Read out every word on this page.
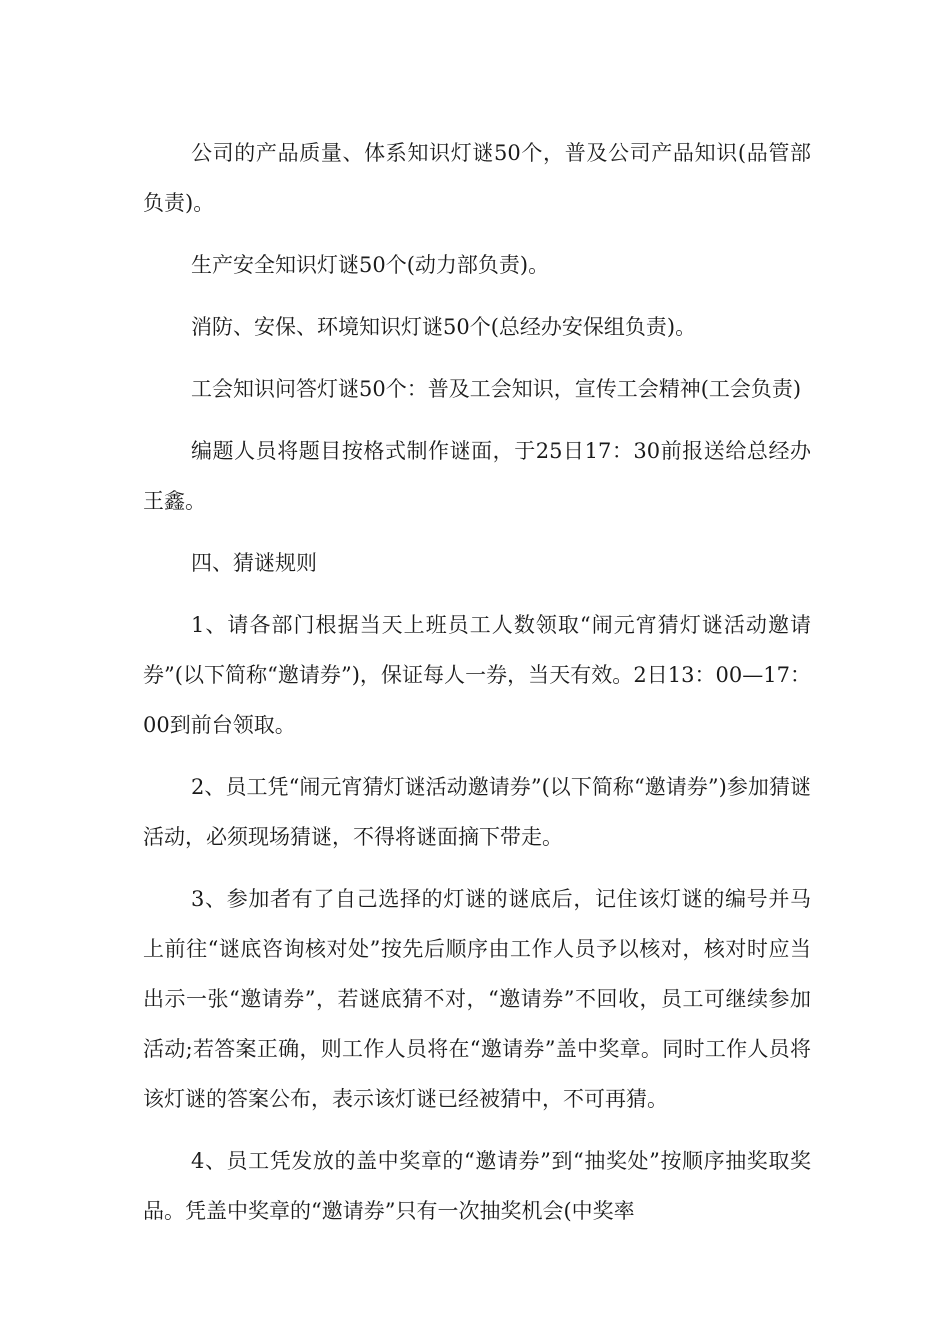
公司的产品质量、体系知识灯谜50个，普及公司产品知识(品管部负责)。

生产安全知识灯谜50个(动力部负责)。

消防、安保、环境知识灯谜50个(总经办安保组负责)。

工会知识问答灯谜50个：普及工会知识，宣传工会精神(工会负责)

编题人员将题目按格式制作谜面，于25日17：30前报送给总经办王鑫。

四、猜谜规则

1、请各部门根据当天上班员工人数领取“闹元宵猜灯谜活动邀请券”(以下简称“邀请券”)，保证每人一券，当天有效。2日13：00—17：00到前台领取。

2、员工凭“闹元宵猜灯谜活动邀请券”(以下简称“邀请券”)参加猜谜活动，必须现场猜谜，不得将谜面摘下带走。

3、参加者有了自己选择的灯谜的谜底后，记住该灯谜的编号并马上前往“谜底咨询核对处”按先后顺序由工作人员予以核对，核对时应当出示一张“邀请券”，若谜底猜不对，“邀请券”不回收，员工可继续参加活动;若答案正确，则工作人员将在“邀请券”盖中奖章。同时工作人员将该灯谜的答案公布，表示该灯谜已经被猜中，不可再猜。

4、员工凭发放的盖中奖章的“邀请券”到“抽奖处”按顺序抽奖取奖品。凭盖中奖章的“邀请券”只有一次抽奖机会(中奖率
